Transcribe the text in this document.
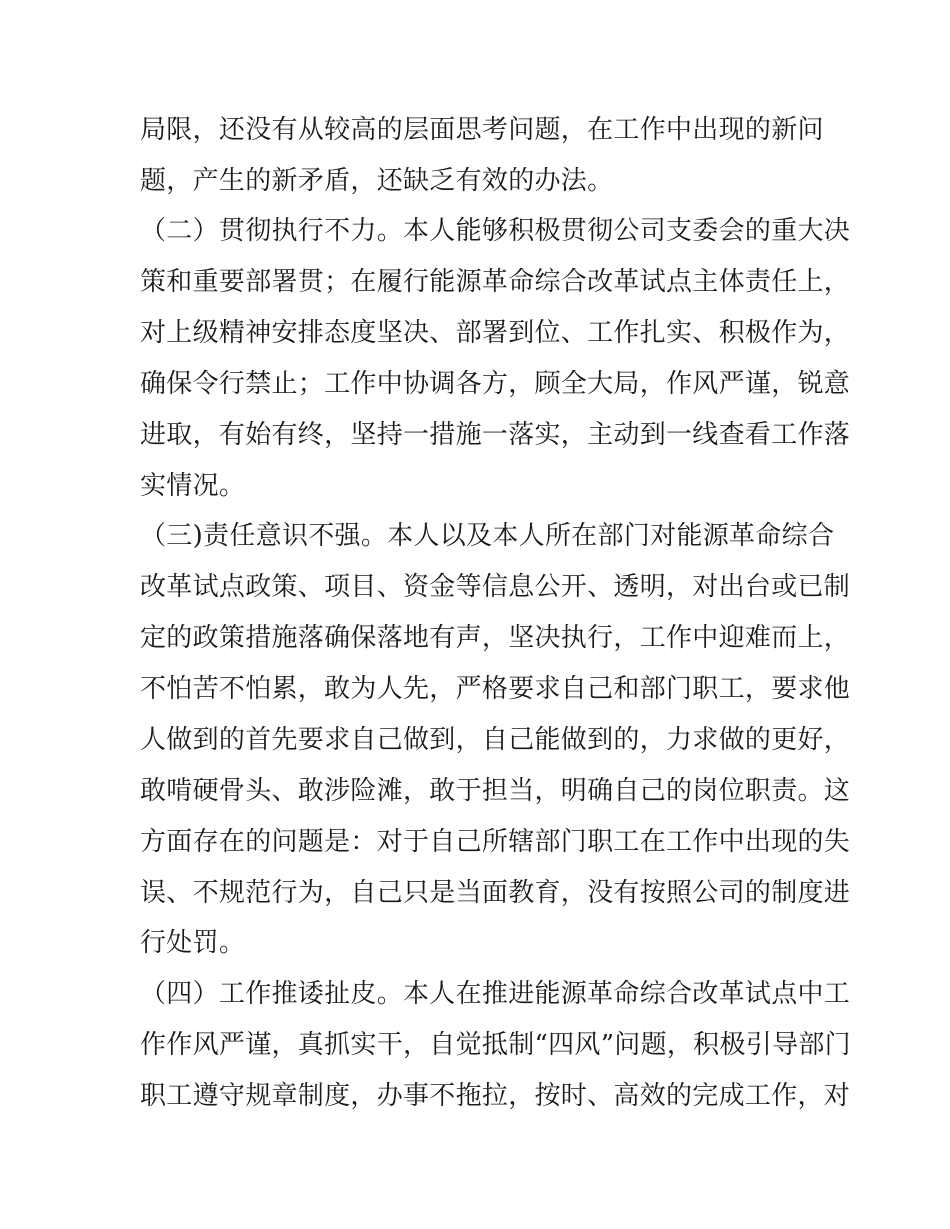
局限，还没有从较高的层面思考问题，在工作中出现的新问
题，产生的新矛盾，还缺乏有效的办法。
（二）贯彻执行不力。本人能够积极贯彻公司支委会的重大决
策和重要部署贯；在履行能源革命综合改革试点主体责任上，
对上级精神安排态度坚决、部署到位、工作扎实、积极作为，
确保令行禁止；工作中协调各方，顾全大局，作风严谨，锐意
进取，有始有终，坚持一措施一落实，主动到一线查看工作落
实情况。
（三)责任意识不强。本人以及本人所在部门对能源革命综合
改革试点政策、项目、资金等信息公开、透明，对出台或已制
定的政策措施落确保落地有声，坚决执行，工作中迎难而上，
不怕苦不怕累，敢为人先，严格要求自己和部门职工，要求他
人做到的首先要求自己做到，自己能做到的，力求做的更好，
敢啃硬骨头、敢涉险滩，敢于担当，明确自己的岗位职责。这
方面存在的问题是：对于自己所辖部门职工在工作中出现的失
误、不规范行为，自己只是当面教育，没有按照公司的制度进
行处罚。
（四）工作推诿扯皮。本人在推进能源革命综合改革试点中工
作作风严谨，真抓实干，自觉抵制“四风”问题，积极引导部门
职工遵守规章制度，办事不拖拉，按时、高效的完成工作，对
